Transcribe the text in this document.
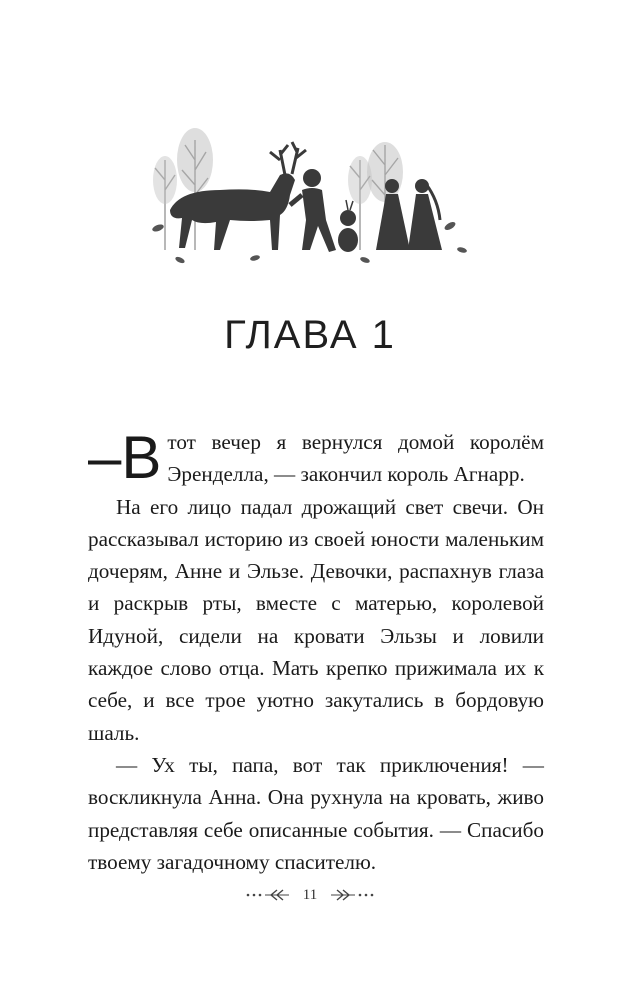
ГЛАВА 1

–В тот вечер я вернулся домой королём Эренделла, — закончил король Агнарр.

На его лицо падал дрожащий свет свечи. Он рассказывал историю из своей юности маленьким дочерям, Анне и Эльзе. Девочки, распахнув глаза и раскрыв рты, вместе с матерью, королевой Идуной, сидели на кровати Эльзы и ловили каждое слово отца. Мать крепко прижимала их к себе, и все трое уютно закутались в бордовую шаль.

— Ух ты, папа, вот так приключения! — воскликнула Анна. Она рухнула на кровать, живо представляя себе описанные события. — Спасибо твоему загадочному спасителю.

11
